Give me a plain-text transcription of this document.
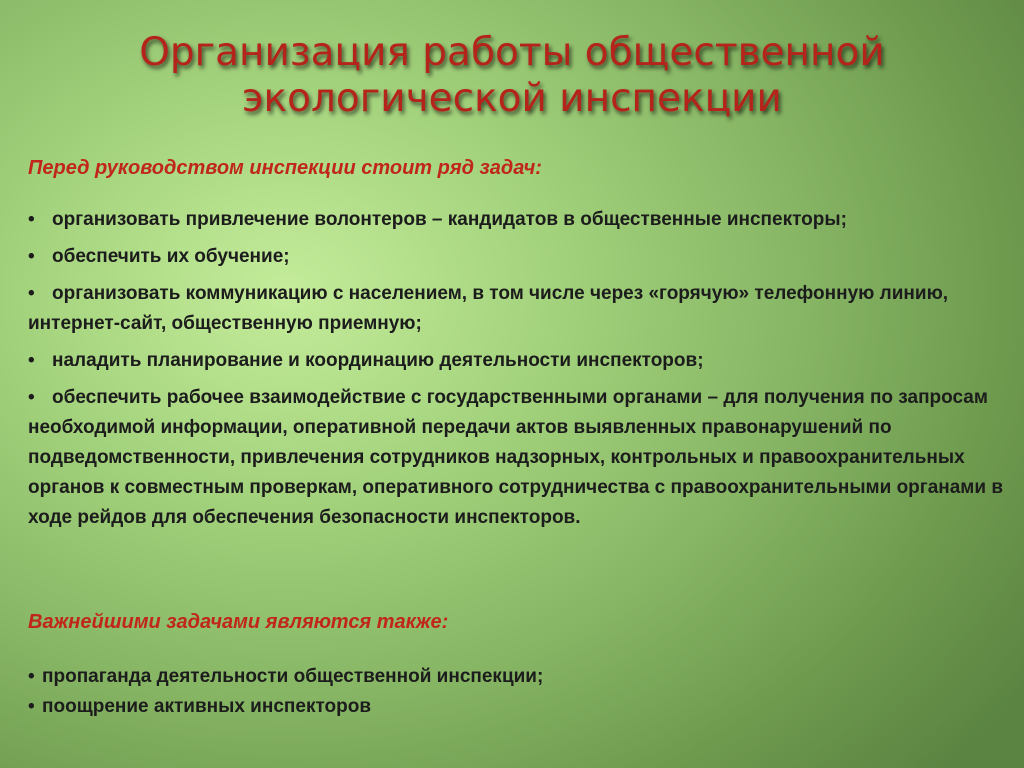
Организация работы общественной
экологической инспекции

Перед руководством инспекции стоит ряд задач:

• организовать привлечение волонтеров – кандидатов в общественные инспекторы;
• обеспечить их обучение;
• организовать коммуникацию с населением, в том числе через «горячую» телефонную линию, интернет-сайт, общественную приемную;
• наладить планирование и координацию деятельности инспекторов;
• обеспечить рабочее взаимодействие с государственными органами – для получения по запросам необходимой информации, оперативной передачи актов выявленных правонарушений по подведомственности, привлечения сотрудников надзорных, контрольных и правоохранительных органов к совместным проверкам, оперативного сотрудничества с правоохранительными органами в ходе рейдов для обеспечения безопасности инспекторов.

Важнейшими задачами являются также:

• пропаганда деятельности общественной инспекции;
• поощрение активных инспекторов
